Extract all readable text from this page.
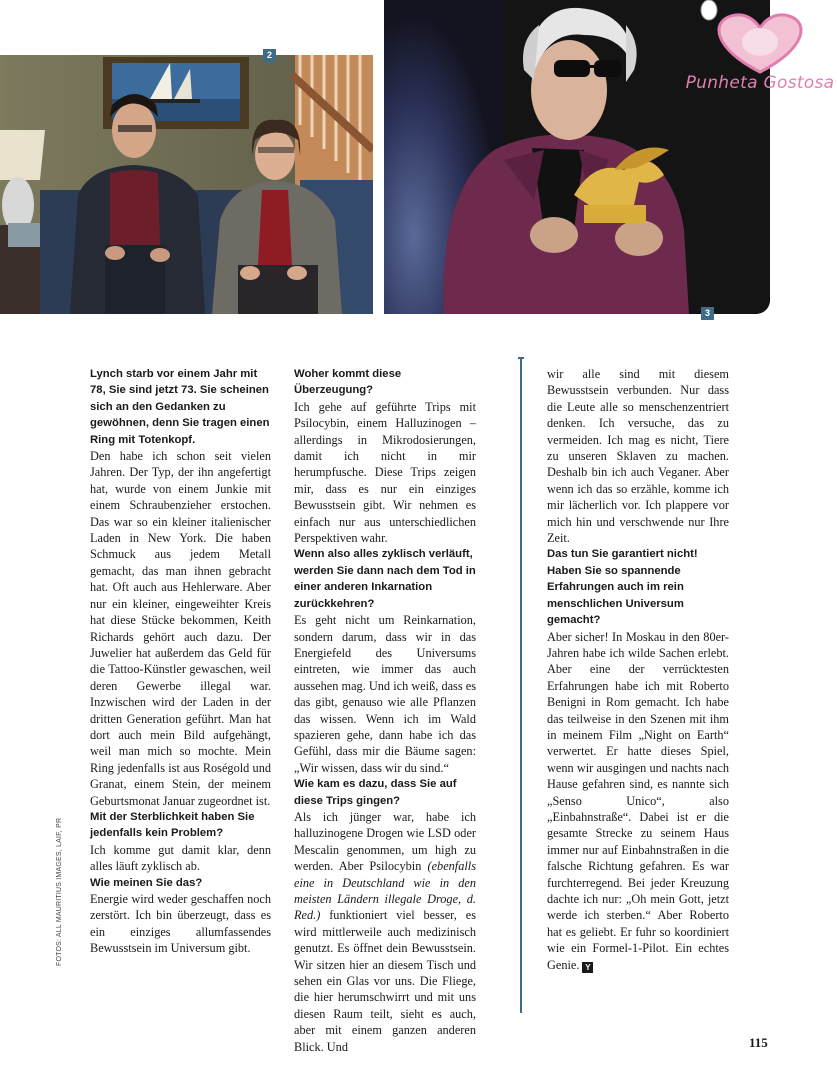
2
3
Punheta Gostosa

Lynch starb vor einem Jahr mit 78, Sie sind jetzt 73. Sie scheinen sich an den Gedanken zu gewöhnen, denn Sie tragen einen Ring mit Totenkopf.

Den habe ich schon seit vielen Jahren. Der Typ, der ihn angefertigt hat, wurde von einem Junkie mit einem Schraubenzieher erstochen. Das war so ein kleiner italienischer Laden in New York. Die haben Schmuck aus jedem Metall gemacht, das man ihnen gebracht hat. Oft auch aus Hehlerware. Aber nur ein kleiner, eingeweihter Kreis hat diese Stücke bekommen, Keith Richards gehört auch dazu. Der Juwelier hat außerdem das Geld für die Tattoo-Künstler gewaschen, weil deren Gewerbe illegal war. Inzwischen wird der Laden in der dritten Generation geführt. Man hat dort auch mein Bild aufgehängt, weil man mich so mochte. Mein Ring jedenfalls ist aus Roségold und Granat, einem Stein, der meinem Geburtsmonat Januar zugeordnet ist.

Mit der Sterblichkeit haben Sie jedenfalls kein Problem?

Ich komme gut damit klar, denn alles läuft zyklisch ab.

Wie meinen Sie das?

Energie wird weder geschaffen noch zerstört. Ich bin überzeugt, dass es ein einziges allumfassendes Bewusstsein im Universum gibt.

Woher kommt diese Überzeugung?

Ich gehe auf geführte Trips mit Psilocybin, einem Halluzinogen – allerdings in Mikrodosierungen, damit ich nicht in mir herumpfusche. Diese Trips zeigen mir, dass es nur ein einziges Bewusstsein gibt. Wir nehmen es einfach nur aus unterschiedlichen Perspektiven wahr.

Wenn also alles zyklisch verläuft, werden Sie dann nach dem Tod in einer anderen Inkarnation zurückkehren?

Es geht nicht um Reinkarnation, sondern darum, dass wir in das Energiefeld des Universums eintreten, wie immer das auch aussehen mag. Und ich weiß, dass es das gibt, genauso wie alle Pflanzen das wissen. Wenn ich im Wald spazieren gehe, dann habe ich das Gefühl, dass mir die Bäume sagen: „Wir wissen, dass wir du sind.“

Wie kam es dazu, dass Sie auf diese Trips gingen?

Als ich jünger war, habe ich halluzinogene Drogen wie LSD oder Mescalin genommen, um high zu werden. Aber Psilocybin (ebenfalls eine in Deutschland wie in den meisten Ländern illegale Droge, d. Red.) funktioniert viel besser, es wird mittlerweile auch medizinisch genutzt. Es öffnet dein Bewusstsein. Wir sitzen hier an diesem Tisch und sehen ein Glas vor uns. Die Fliege, die hier herumschwirrt und mit uns diesen Raum teilt, sieht es auch, aber mit einem ganzen anderen Blick. Und

wir alle sind mit diesem Bewusstsein verbunden. Nur dass die Leute alle so menschenzentriert denken. Ich versuche, das zu vermeiden. Ich mag es nicht, Tiere zu unseren Sklaven zu machen. Deshalb bin ich auch Veganer. Aber wenn ich das so erzähle, komme ich mir lächerlich vor. Ich plappere vor mich hin und verschwende nur Ihre Zeit.

Das tun Sie garantiert nicht! Haben Sie so spannende Erfahrungen auch im rein menschlichen Universum gemacht?

Aber sicher! In Moskau in den 80er-Jahren habe ich wilde Sachen erlebt. Aber eine der verrücktesten Erfahrungen habe ich mit Roberto Benigni in Rom gemacht. Ich habe das teilweise in den Szenen mit ihm in meinem Film „Night on Earth“ verwertet. Er hatte dieses Spiel, wenn wir ausgingen und nachts nach Hause gefahren sind, es nannte sich „Senso Unico“, also „Einbahnstraße“. Dabei ist er die gesamte Strecke zu seinem Haus immer nur auf Einbahnstraßen in die falsche Richtung gefahren. Es war furchterregend. Bei jeder Kreuzung dachte ich nur: „Oh mein Gott, jetzt werde ich sterben.“ Aber Roberto hat es geliebt. Er fuhr so koordiniert wie ein Formel-1-Pilot. Ein echtes Genie. Y

FOTOS: ALL MAURITIUS IMAGES, LAIF, PR
115
